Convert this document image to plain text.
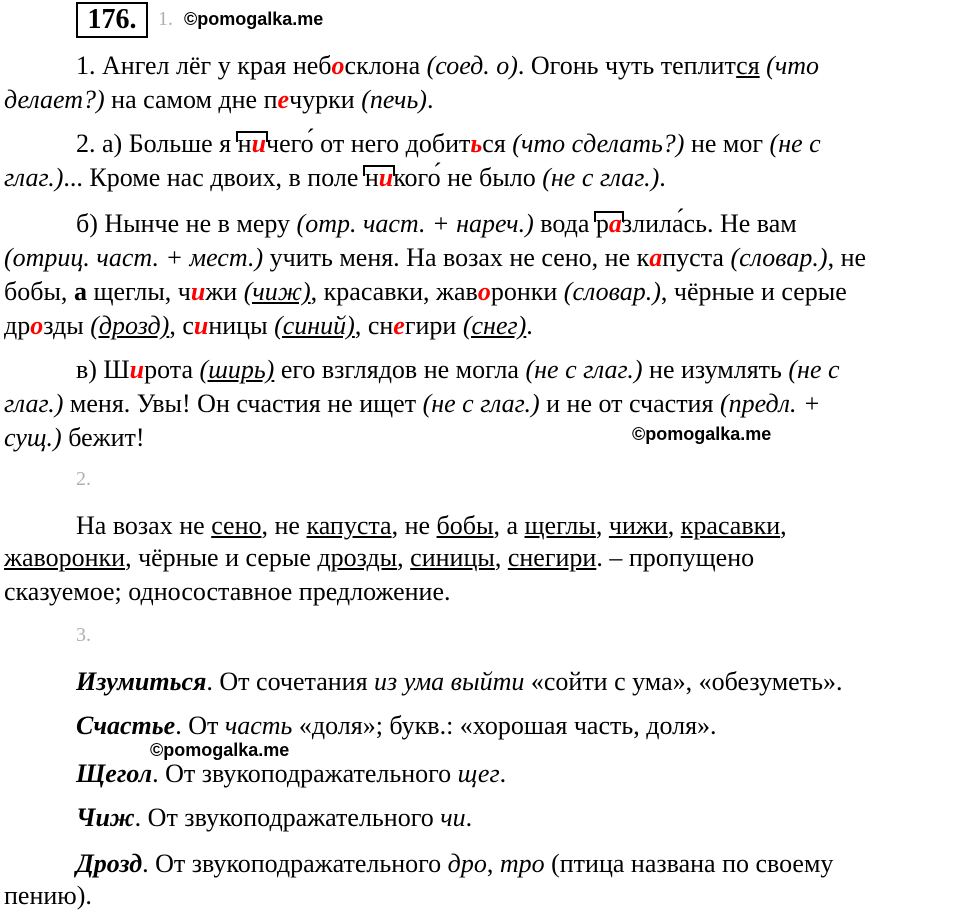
176.	1. ©pomogalka.me
1. Ангел лёг у края небосклона (соед. о). Огонь чуть теплится (что
делает?) на самом дне печурки (печь).
2. а) Больше я ничего ́ от него добиться (что сделать?) не мог (не с
глаг.)... Кроме нас двоих, в поле никого ́ не было (не с глаг.).
б) Нынче не в меру (отр. част. + нареч.) вода разлила ́сь. Не вам
(отриц. част. + мест.) учить меня. На возах не сено, не капуста (словар.), не
бобы, а щеглы, чижи (чиж), красавки, жаворонки (словар.), чёрные и серые
дрозды (дрозд), синицы (синий), снегири (снег).
в) Широта (ширь) его взглядов не могла (не с глаг.) не изумлять (не с
глаг.) меня. Увы! Он счастия не ищет (не с глаг.) и не от счастия (предл. +
сущ.) бежит!	©pomogalka.me
2.
На возах не сено, не капуста, не бобы, а щеглы, чижи, красавки,
жаворонки, чёрные и серые дрозды, синицы, снегири. – пропущено
сказуемое; односоставное предложение.
3.
Изумиться. От сочетания из ума выйти «сойти с ума», «обезуметь».
Счастье. От часть «доля»; букв.: «хорошая часть, доля».
©pomogalka.me
Щегол. От звукоподражательного щег.
Чиж. От звукоподражательного чи.
Дрозд. От звукоподражательного дро, тро (птица названа по своему
пению).
